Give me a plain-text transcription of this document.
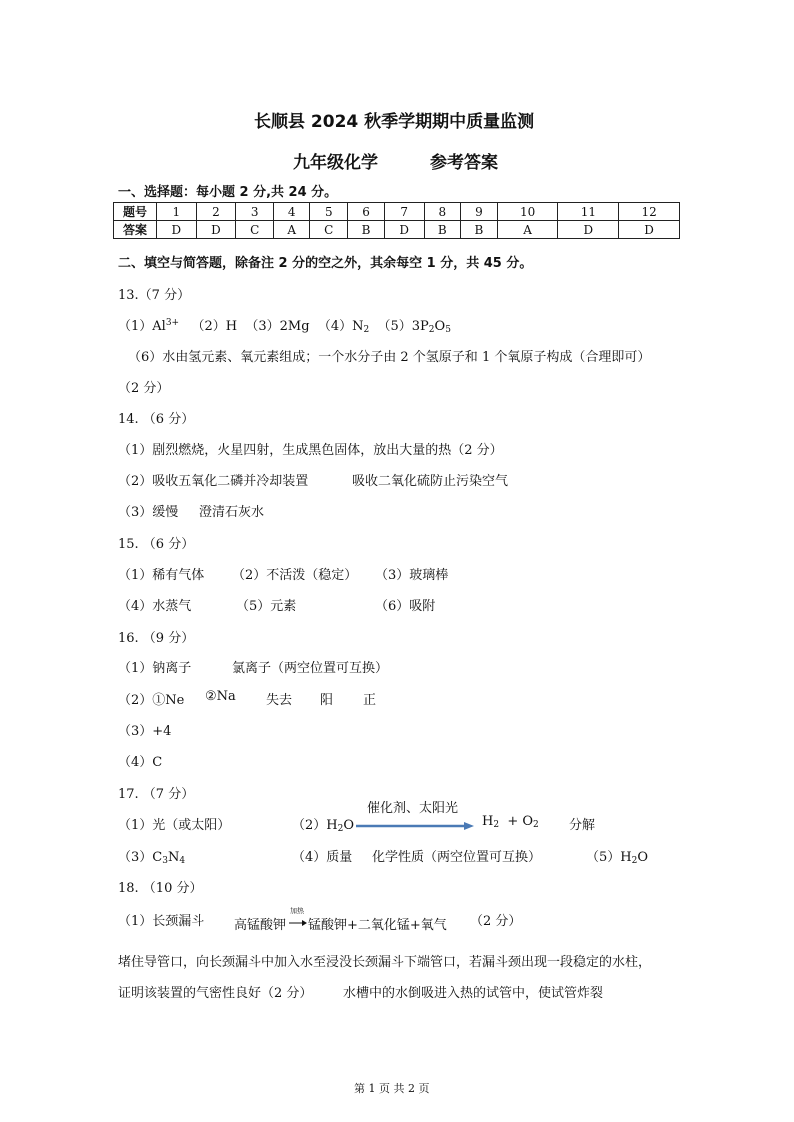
长顺县 2024 秋季学期期中质量监测
九年级化学	参考答案
一、选择题：每小题 2 分,共 24 分。
题号	1	2	3	4	5	6	7	8	9	10	11	12
答案	D	D	C	A	C	B	D	B	B	A	D	D
二、填空与简答题，除备注 2 分的空之外，其余每空 1 分，共 45 分。
13.（7 分）
$(1)Al^{3+}$ （2）H （3）2Mg $(4)N_2$ $(5)3P_2O_5$
（6）水由氢元素、氧元素组成；一个水分子由 2 个氢原子和 1 个氧原子构成（合理即可）
（2 分）
14. （6 分）
（1）剧烈燃烧，火星四射，生成黑色固体，放出大量的热（2 分）
（2）吸收五氧化二磷并冷却装置	吸收二氧化硫防止污染空气
（3）缓慢 澄清石灰水
15. （6 分）
（1）稀有气体 （2）不活泼（稳定） （3）玻璃棒
（4）水蒸气	（5）元素	（6）吸附
16. （9 分）
（1）钠离子	氯离子（两空位置可互换）
（2）①Ne ②Na 失去 阳 正
（3）+4
（4）C
17. （7 分）
催化剂、太阳光
（1）光（或太阳）	$(2)H_2O$	$H_2 + O_2$ 分解
$(3)C_3N_4$	（4）质量 化学性质（两空位置可互换）	$(5)H_2O$
18. （10 分）
（1）长颈漏斗 高锰酸钾
加热
→ 锰酸钾+二氧化锰+氧气 （2 分）
堵住导管口，向长颈漏斗中加入水至浸没长颈漏斗下端管口，若漏斗颈出现一段稳定的水柱，
证明该装置的气密性良好（2 分） 水槽中的水倒吸进入热的试管中，使试管炸裂
第 1 页 共 2 页
